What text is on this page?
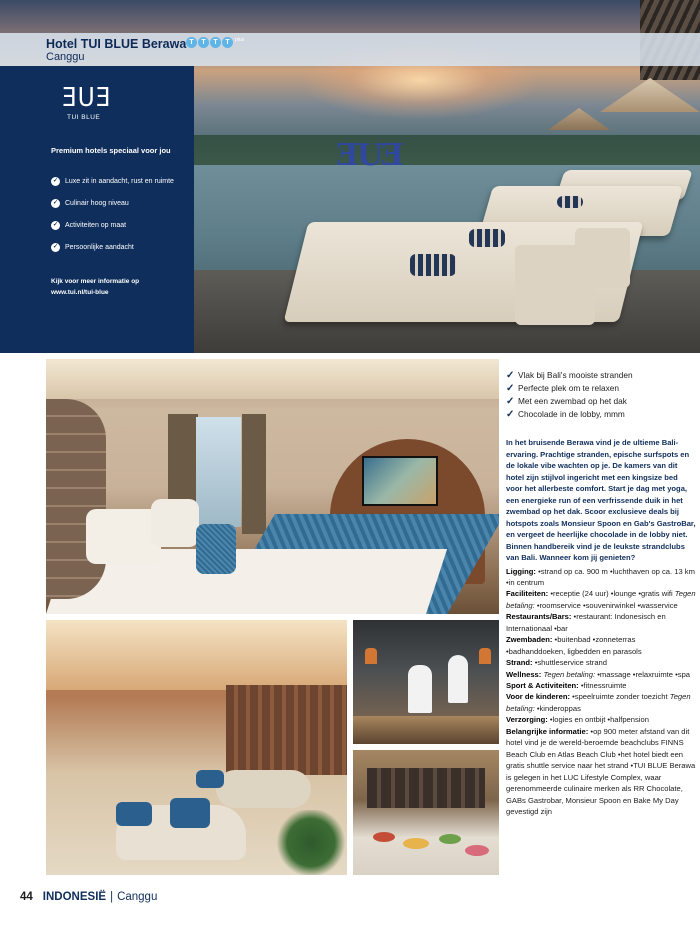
ƎUƎ
Hotel TUI BLUE Berawa T	T	T	T	plus
Canggu
ƎUƎ
TUI BLUE
Premium hotels speciaal voor jou
✓ Luxe zit in aandacht, rust en ruimte
✓ Culinair hoog niveau
✓ Activiteiten op maat
✓ Persoonlijke aandacht
Kijk voor meer informatie op
www.tui.nl/tui-blue
✓ Vlak bij Bali's mooiste stranden
✓ Perfecte plek om te relaxen
✓ Met een zwembad op het dak
✓ Chocolade in de lobby, mmm

In het bruisende Berawa vind je de ultieme Bali-ervaring. Prachtige stranden, epische surfspots en de lokale vibe wachten op je. De kamers van dit hotel zijn stijlvol ingericht met een kingsize bed voor het allerbeste comfort. Start je dag met yoga, een energieke run of een verfrissende duik in het zwembad op het dak. Scoor exclusieve deals bij hotspots zoals Monsieur Spoon en Gab's GastroBar, en vergeet de heerlijke chocolade in de lobby niet. Binnen handbereik vind je de leukste strandclubs van Bali. Wanneer kom jij genieten?

Ligging: •strand op ca. 900 m •luchthaven op ca. 13 km •in centrum
Faciliteiten: •receptie (24 uur) •lounge •gratis wifi Tegen betaling: •roomservice •souvenirwinkel •wasservice
Restaurants/Bars: •restaurant: Indonesisch en Internationaal •bar
Zwembaden: •buitenbad •zonneterras •badhanddoeken, ligbedden en parasols
Strand: •shuttleservice strand
Wellness: Tegen betaling: •massage •relaxruimte •spa
Sport & Activiteiten: •fitnessruimte
Voor de kinderen: •speelruimte zonder toezicht Tegen betaling: •kinderoppas
Verzorging: •logies en ontbijt •halfpension
Belangrijke informatie: •op 900 meter afstand van dit hotel vind je de wereld-beroemde beachclubs FINNS Beach Club en Atlas Beach Club •het hotel biedt een gratis shuttle service naar het strand •TUI BLUE Berawa is gelegen in het LUC Lifestyle Complex, waar gerenommeerde culinaire merken als RR Chocolate, GABs Gastrobar, Monsieur Spoon en Bake My Day gevestigd zijn

44 INDONESIË | Canggu
